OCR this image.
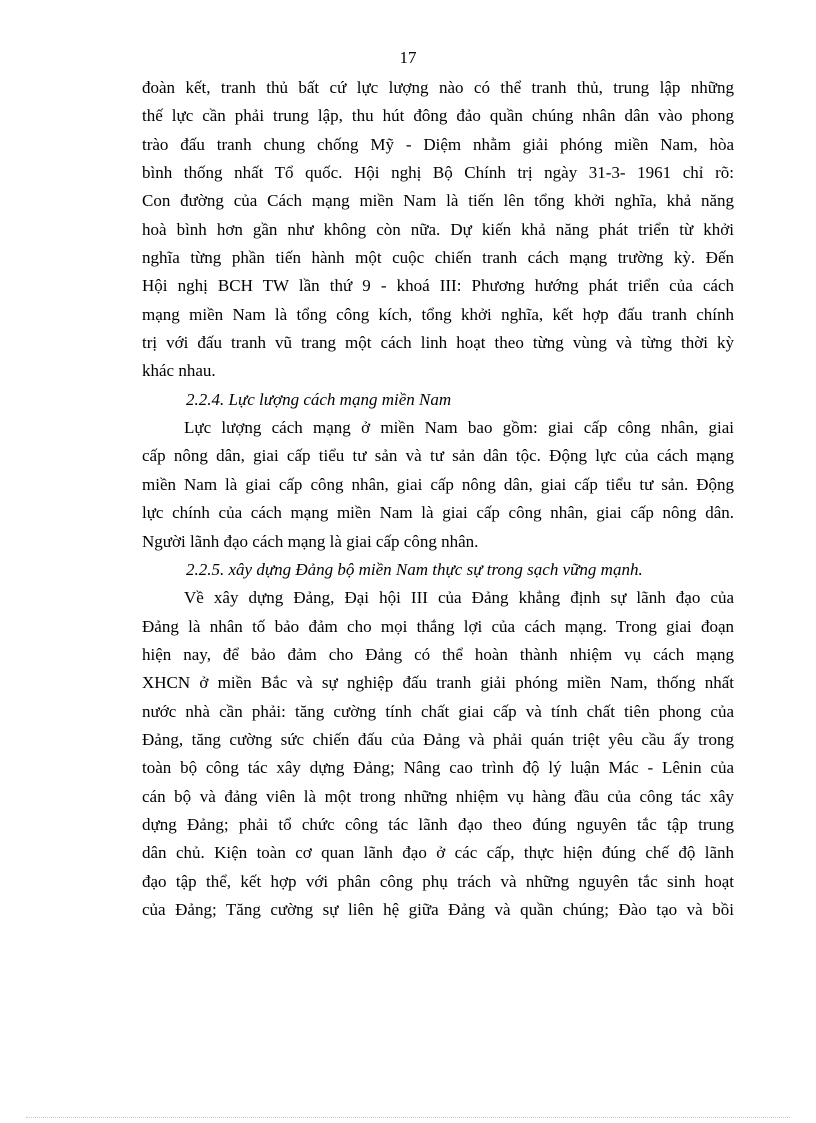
17
đoàn kết, tranh thủ bất cứ lực lượng nào có thể tranh thủ, trung lập những
thế lực cần phải trung lập, thu hút đông đảo quần chúng nhân dân vào phong
trào đấu tranh chung chống Mỹ - Diệm nhằm giải phóng miền Nam, hòa
bình thống nhất Tổ quốc. Hội nghị Bộ Chính trị ngày 31-3- 1961 chỉ rõ:
Con đường của Cách mạng miền Nam là tiến lên tổng khởi nghĩa, khả năng
hoà bình hơn gần như không còn nữa. Dự kiến khả năng phát triển từ khởi
nghĩa từng phần tiến hành một cuộc chiến tranh cách mạng trường kỳ. Đến
Hội nghị BCH TW lần thứ 9 - khoá III: Phương hướng phát triển của cách
mạng miền Nam là tổng công kích, tổng khởi nghĩa, kết hợp đấu tranh chính
trị với đấu tranh vũ trang một cách linh hoạt theo từng vùng và từng thời kỳ
khác nhau.
2.2.4. Lực lượng cách mạng miền Nam
Lực lượng cách mạng ở miền Nam bao gồm: giai cấp công nhân, giai
cấp nông dân, giai cấp tiểu tư sản và tư sản dân tộc. Động lực của cách mạng
miền Nam là giai cấp công nhân, giai cấp nông dân, giai cấp tiểu tư sản. Động
lực chính của cách mạng miền Nam là giai cấp công nhân, giai cấp nông dân.
Người lãnh đạo cách mạng là giai cấp công nhân.
2.2.5. xây dựng Đảng bộ miền Nam thực sự trong sạch vững mạnh.
Về xây dựng Đảng, Đại hội III của Đảng khẳng định sự lãnh đạo của
Đảng là nhân tố bảo đảm cho mọi thắng lợi của cách mạng. Trong giai đoạn
hiện nay, để bảo đảm cho Đảng có thể hoàn thành nhiệm vụ cách mạng
XHCN ở miền Bắc và sự nghiệp đấu tranh giải phóng miền Nam, thống nhất
nước nhà cần phải: tăng cường tính chất giai cấp và tính chất tiên phong của
Đảng, tăng cường sức chiến đấu của Đảng và phải quán triệt yêu cầu ấy trong
toàn bộ công tác xây dựng Đảng; Nâng cao trình độ lý luận Mác - Lênin của
cán bộ và đảng viên là một trong những nhiệm vụ hàng đầu của công tác xây
dựng Đảng; phải tổ chức công tác lãnh đạo theo đúng nguyên tắc tập trung
dân chủ. Kiện toàn cơ quan lãnh đạo ở các cấp, thực hiện đúng chế độ lãnh
đạo tập thể, kết hợp với phân công phụ trách và những nguyên tắc sinh hoạt
của Đảng; Tăng cường sự liên hệ giữa Đảng và quần chúng; Đào tạo và bồi
